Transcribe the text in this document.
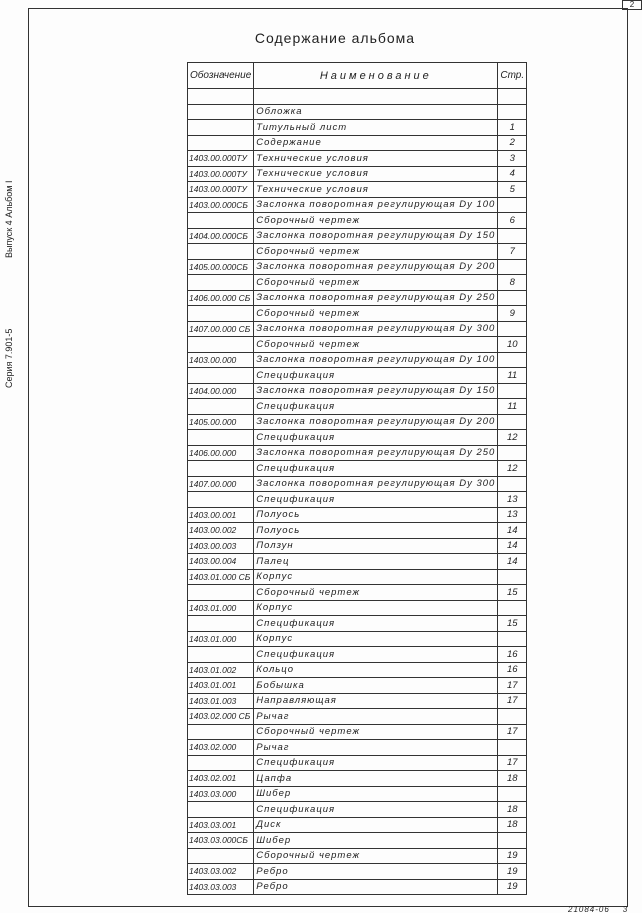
2
Выпуск 4 Альбом I
Серия 7.901-5
Содержание альбома
Обозначение	Наименование	Стр.

	Обложка	
	Титульный лист	1
	Содержание	2
1403.00.000ТУ	Технические условия	3
1403.00.000ТУ	Технические условия	4
1403.00.000ТУ	Технические условия	5
1403.00.000СБ	Заслонка поворотная регулирующая Dy 100	
	Сборочный чертеж	6
1404.00.000СБ	Заслонка поворотная регулирующая Dy 150	
	Сборочный чертеж	7
1405.00.000СБ	Заслонка поворотная регулирующая Dy 200	
	Сборочный чертеж	8
1406.00.000 СБ	Заслонка поворотная регулирующая Dy 250	
	Сборочный чертеж	9
1407.00.000 СБ	Заслонка поворотная регулирующая Dy 300	
	Сборочный чертеж	10
1403.00.000	Заслонка поворотная регулирующая Dy 100	
	Спецификация	11
1404.00.000	Заслонка поворотная регулирующая Dy 150	
	Спецификация	11
1405.00.000	Заслонка поворотная регулирующая Dy 200	
	Спецификация	12
1406.00.000	Заслонка поворотная регулирующая Dy 250	
	Спецификация	12
1407.00.000	Заслонка поворотная регулирующая Dy 300	
	Спецификация	13
1403.00.001	Полуось	13
1403.00.002	Полуось	14
1403.00.003	Ползун	14
1403.00.004	Палец	14
1403.01.000 СБ	Корпус	
	Сборочный чертеж	15
1403.01.000	Корпус	
	Спецификация	15
1403.01.000	Корпус	
	Спецификация	16
1403.01.002	Кольцо	16
1403.01.001	Бобышка	17
1403.01.003	Направляющая	17
1403.02.000 СБ	Рычаг	
	Сборочный чертеж	17
1403.02.000	Рычаг	
	Спецификация	17
1403.02.001	Цапфа	18
1403.03.000	Шибер	
	Спецификация	18
1403.03.001	Диск	18
1403.03.000СБ	Шибер	
	Сборочный чертеж	19
1403.03.002	Ребро	19
1403.03.003	Ребро	19
21084-06 3
